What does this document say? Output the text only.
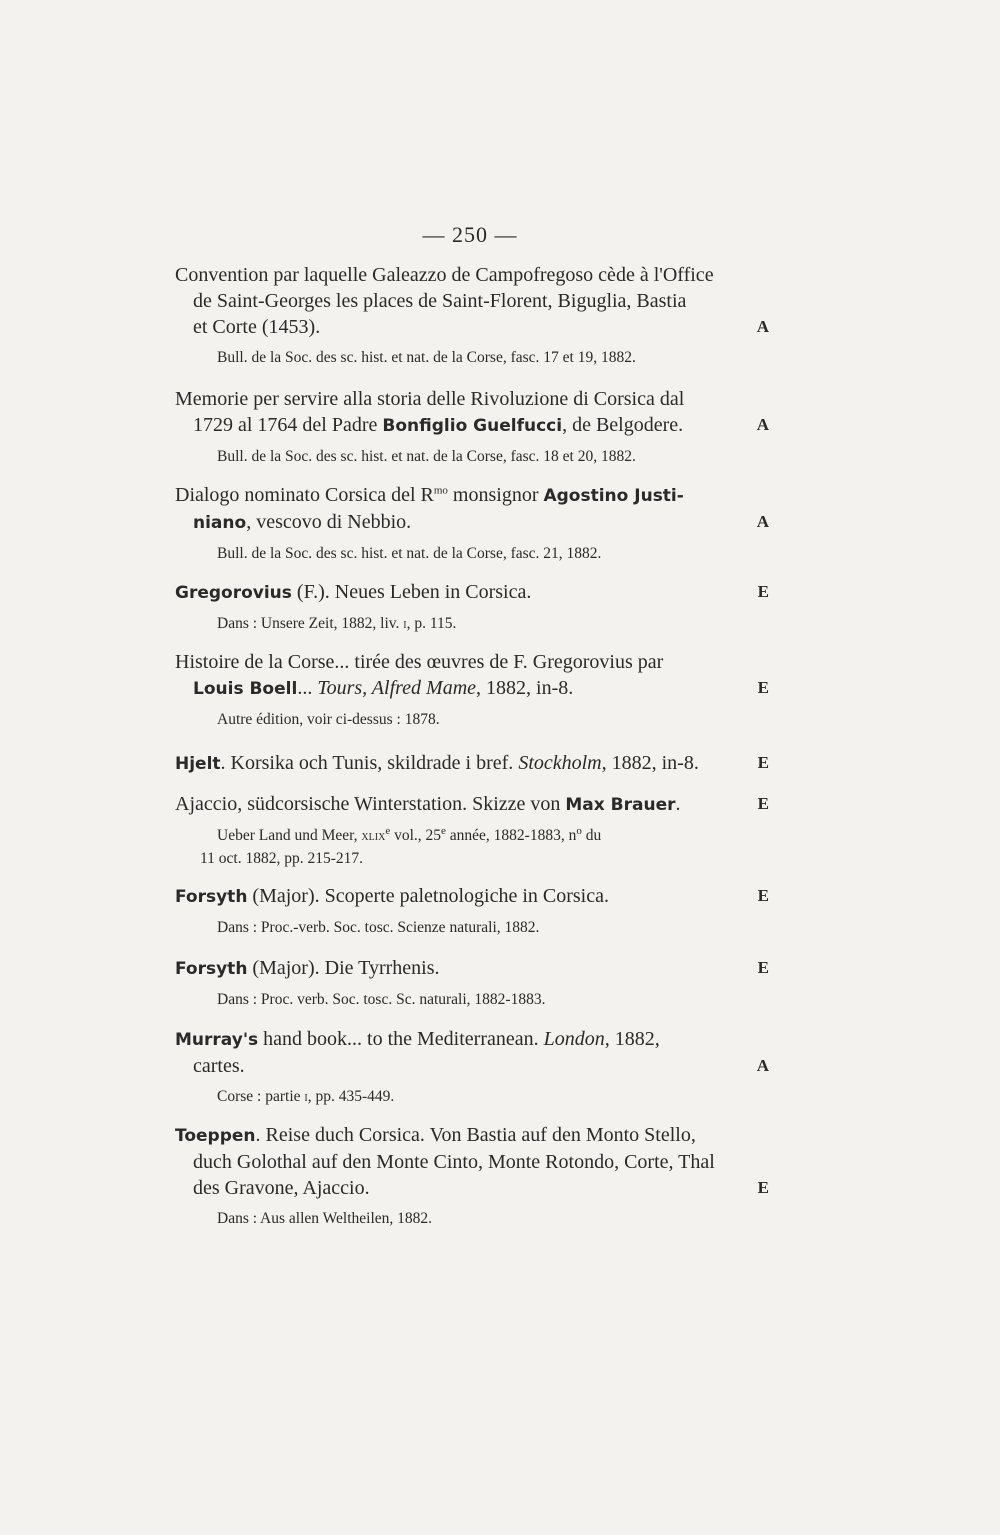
— 250 —
Convention par laquelle Galeazzo de Campofregoso cède à l'Office
de Saint-Georges les places de Saint-Florent, Biguglia, Bastia
et Corte (1453).	A
Bull. de la Soc. des sc. hist. et nat. de la Corse, fasc. 17 et 19, 1882.
Memorie per servire alla storia delle Rivoluzione di Corsica dal
1729 al 1764 del Padre Bonfiglio Guelfucci, de Belgodere.	A
Bull. de la Soc. des sc. hist. et nat. de la Corse, fasc. 18 et 20, 1882.
Dialogo nominato Corsica del $R^{mo}$ monsignor Agostino Justi-
niano, vescovo di Nebbio.	A
Bull. de la Soc. des sc. hist. et nat. de la Corse, fasc. 21, 1882.
Gregorovius (F.). Neues Leben in Corsica.	E
Dans : Unsere Zeit, 1882, liv. i, p. 115.
Histoire de la Corse... tirée des œuvres de F. Gregorovius par
Louis Boell... Tours, Alfred Mame, 1882, in-8.	E
Autre édition, voir ci-dessus : 1878.
Hjelt. Korsika och Tunis, skildrade i bref. Stockholm, 1882, in-8.	E
Ajaccio, südcorsische Winterstation. Skizze von Max Brauer.	E
Ueber Land und Meer, xlix$^e$ vol., 25e année, 1882-1883, $n^o$ du
11 oct. 1882, pp. 215-217.
Forsyth (Major). Scoperte paletnologiche in Corsica.	E
Dans : Proc.-verb. Soc. tosc. Scienze naturali, 1882.
Forsyth (Major). Die Tyrrhenis.	E
Dans : Proc. verb. Soc. tosc. Sc. naturali, 1882-1883.
Murray's hand book... to the Mediterranean. London, 1882,
cartes.	A
Corse : partie i, pp. 435-449.
Toeppen. Reise duch Corsica. Von Bastia auf den Monto Stello,
duch Golothal auf den Monte Cinto, Monte Rotondo, Corte, Thal
des Gravone, Ajaccio.	E
Dans : Aus allen Weltheilen, 1882.
